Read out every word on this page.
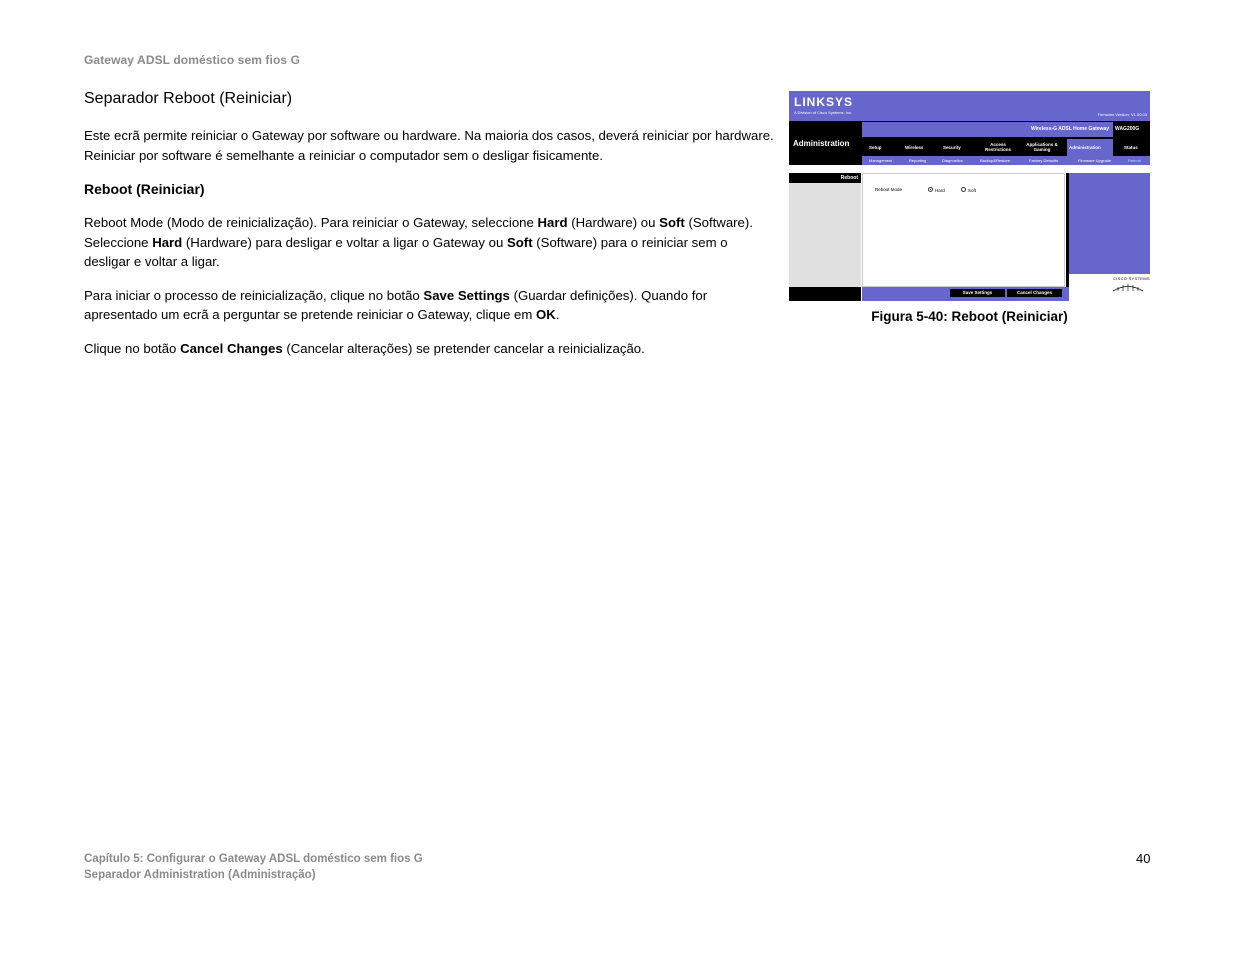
Gateway ADSL doméstico sem fios G
Separador Reboot (Reiniciar)

Este ecrã permite reiniciar o Gateway por software ou hardware. Na maioria dos casos, deverá reiniciar por hardware. Reiniciar por software é semelhante a reiniciar o computador sem o desligar fisicamente.

Reboot (Reiniciar)

Reboot Mode (Modo de reinicialização). Para reiniciar o Gateway, seleccione Hard (Hardware) ou Soft (Software). Seleccione Hard (Hardware) para desligar e voltar a ligar o Gateway ou Soft (Software) para o reiniciar sem o desligar e voltar a ligar.

Para iniciar o processo de reinicialização, clique no botão Save Settings (Guardar definições). Quando for apresentado um ecrã a perguntar se pretende reiniciar o Gateway, clique em OK.

Clique no botão Cancel Changes (Cancelar alterações) se pretender cancelar a reinicialização.

LINKSYS
A Division of Cisco Systems, Inc.	Firmware Version: V1.00.03
Administration
Wireless-G ADSL Home Gateway WAG200G
Setup	Wireless	Security
Access Restrictions
Applications & Gaming	Administration	Status
Management	Reporting	Diagnostics	Backup&Restore	Factory Defaults	Firmware Upgrade	Reboot
Reboot
Reboot Mode	Hard	Soft
CISCO SYSTEMS
Save Settings	Cancel Changes
Figura 5-40: Reboot (Reiniciar)
Capítulo 5: Configurar o Gateway ADSL doméstico sem fios G
Separador Administration (Administração)
40
